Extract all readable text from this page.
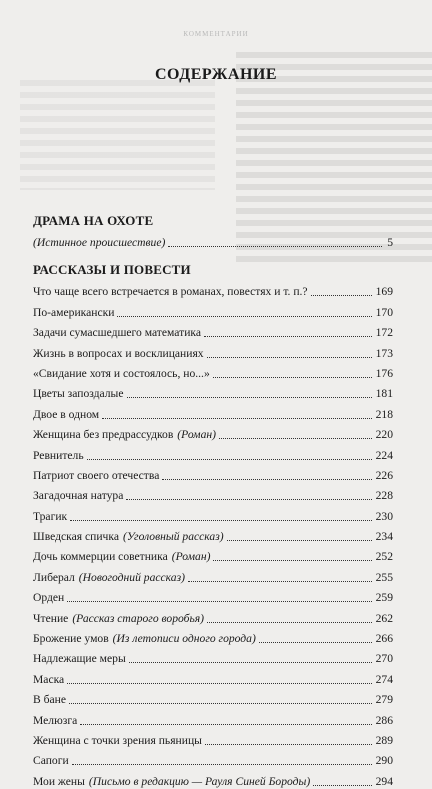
КОММЕНТАРИИ
СОДЕРЖАНИЕ
ДРАМА НА ОХОТЕ
(Истинное происшествие)	5
РАССКАЗЫ И ПОВЕСТИ
Что чаще всего встречается в романах, повестях и т. п.?	169
По-американски	170
Задачи сумасшедшего математика	172
Жизнь в вопросах и восклицаниях	173
«Свидание хотя и состоялось, но...»	176
Цветы запоздалые	181
Двое в одном	218
Женщина без предрассудков (Роман)	220
Ревнитель	224
Патриот своего отечества	226
Загадочная натура	228
Трагик	230
Шведская спичка (Уголовный рассказ)	234
Дочь коммерции советника (Роман)	252
Либерал (Новогодний рассказ)	255
Орден	259
Чтение (Рассказ старого воробья)	262
Брожение умов (Из летописи одного города)	266
Надлежащие меры	270
Маска	274
В бане	279
Мелюзга	286
Женщина с точки зрения пьяницы	289
Сапоги	290
Мои жены (Письмо в редакцию — Рауля Синей Бороды)	294
